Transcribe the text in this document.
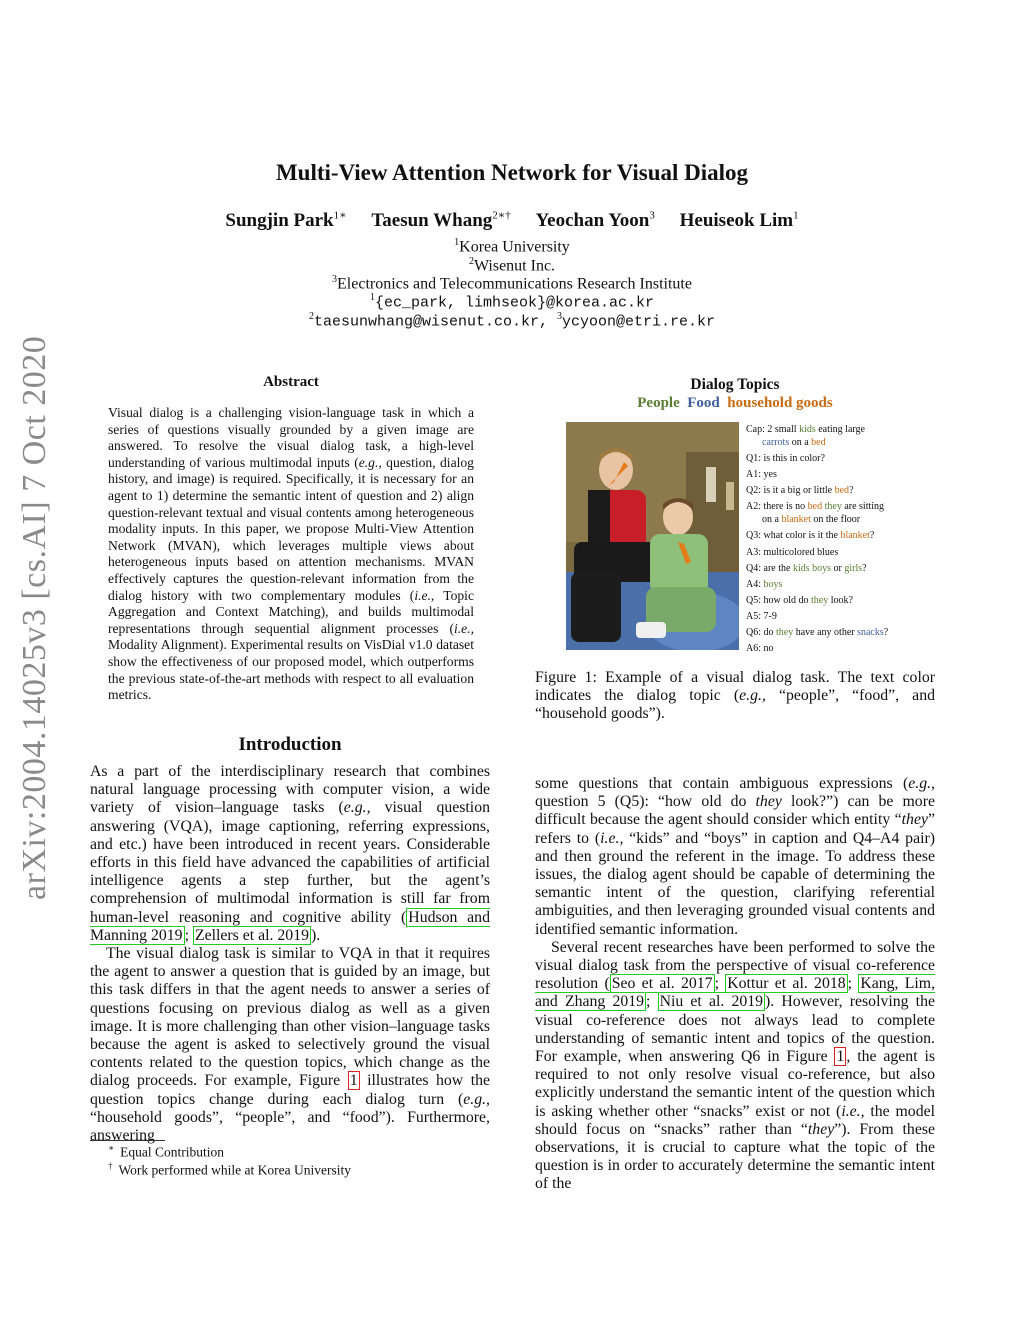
arXiv:2004.14025v3 [cs.AI] 7 Oct 2020
Multi-View Attention Network for Visual Dialog
Sungjin Park$^{1∗}$ Taesun Whang$^{2∗\dagger}$ Yeochan Yoon$^3$ Heuiseok Lim$^1$
$^1$Korea University
$^2$Wisenut Inc.
$^3$Electronics and Telecommunications Research Institute
$^1${ec_park, limhseok}@korea.ac.kr
$^2$taesunwhang@wisenut.co.kr, $^3$ycyoon@etri.re.kr
Abstract
Visual dialog is a challenging vision-language task in which a series of questions visually grounded by a given image are answered. To resolve the visual dialog task, a high-level understanding of various multimodal inputs (e.g., question, dialog history, and image) is required. Specifically, it is necessary for an agent to 1) determine the semantic intent of question and 2) align question-relevant textual and visual contents among heterogeneous modality inputs. In this paper, we propose Multi-View Attention Network (MVAN), which leverages multiple views about heterogeneous inputs based on attention mechanisms. MVAN effectively captures the question-relevant information from the dialog history with two complementary modules (i.e., Topic Aggregation and Context Matching), and builds multimodal representations through sequential alignment processes (i.e., Modality Alignment). Experimental results on VisDial v1.0 dataset show the effectiveness of our proposed model, which outperforms the previous state-of-the-art methods with respect to all evaluation metrics.
Introduction

As a part of the interdisciplinary research that combines natural language processing with computer vision, a wide variety of vision–language tasks (e.g., visual question answering (VQA), image captioning, referring expressions, and etc.) have been introduced in recent years. Considerable efforts in this field have advanced the capabilities of artificial intelligence agents a step further, but the agent’s comprehension of multimodal information is still far from human-level reasoning and cognitive ability ( Hudson and Manning 2019 ; Zellers et al. 2019 ).

The visual dialog task is similar to VQA in that it requires the agent to answer a question that is guided by an image, but this task differs in that the agent needs to answer a series of questions focusing on previous dialog as well as a given image. It is more challenging than other vision–language tasks because the agent is asked to selectively ground the visual contents related to the question topics, which change as the dialog proceeds. For example, Figure 1 illustrates how the question topics change during each dialog turn (e.g., “household goods”, “people”, and “food”). Furthermore, answering

∗ Equal Contribution
† Work performed while at Korea University
Dialog Topics
People Food household goods
Cap: 2 small kids eating large
carrots on a bed
Q1: is this in color?
A1: yes
Q2: is it a big or little bed?
A2: there is no bed they are sitting
on a blanket on the floor
Q3: what color is it the blanket?
A3: multicolored blues
Q4: are the kids boys or girls?
A4: boys
Q5: how old do they look?
A5: 7-9
Q6: do they have any other snacks?
A6: no
Figure 1: Example of a visual dialog task. The text color indicates the dialog topic (e.g., “people”, “food”, and “household goods”).

some questions that contain ambiguous expressions (e.g., question 5 (Q5): “how old do they look?”) can be more difficult because the agent should consider which entity “they” refers to (i.e., “kids” and “boys” in caption and Q4–A4 pair) and then ground the referent in the image. To address these issues, the dialog agent should be capable of determining the semantic intent of the question, clarifying referential ambiguities, and then leveraging grounded visual contents and identified semantic information.

Several recent researches have been performed to solve the visual dialog task from the perspective of visual co-reference resolution ( Seo et al. 2017 ; Kottur et al. 2018 ; Kang, Lim, and Zhang 2019 ; Niu et al. 2019 ). However, resolving the visual co-reference does not always lead to complete understanding of semantic intent and topics of the question. For example, when answering Q6 in Figure 1 , the agent is required to not only resolve visual co-reference, but also explicitly understand the semantic intent of the question which is asking whether other “snacks” exist or not (i.e., the model should focus on “snacks” rather than “they”). From these observations, it is crucial to capture what the topic of the question is in order to accurately determine the semantic intent of the
